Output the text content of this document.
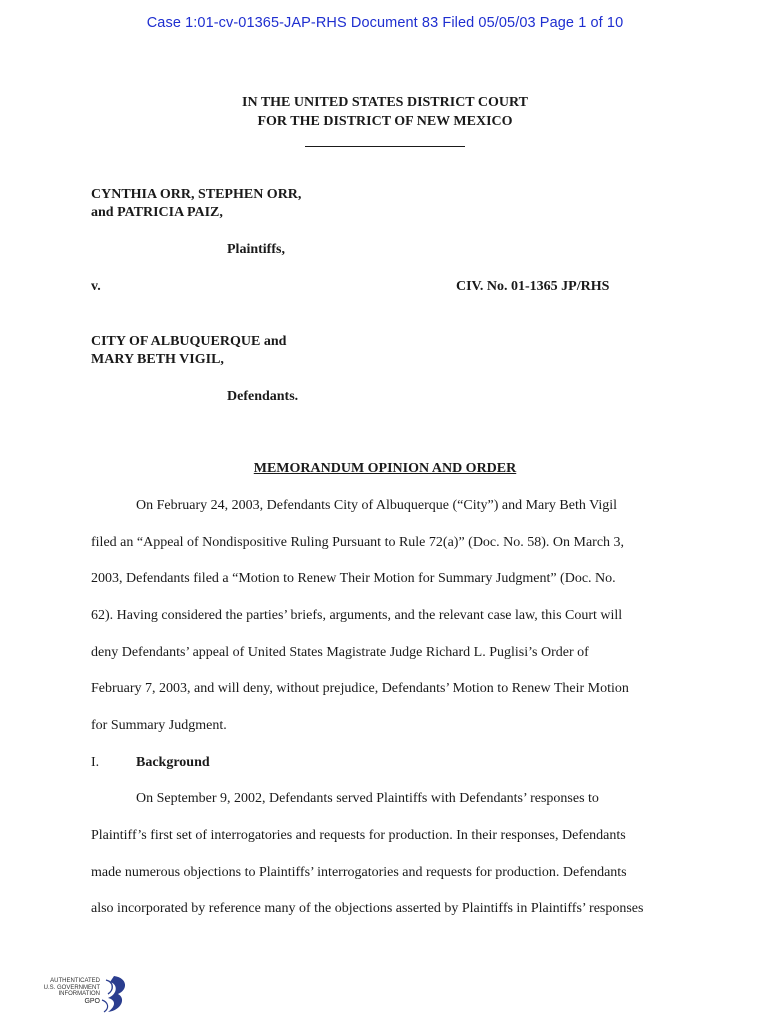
Case 1:01-cv-01365-JAP-RHS Document 83 Filed 05/05/03 Page 1 of 10
IN THE UNITED STATES DISTRICT COURT
FOR THE DISTRICT OF NEW MEXICO
CYNTHIA ORR, STEPHEN ORR,
and PATRICIA PAIZ,
Plaintiffs,
v.	CIV. No. 01-1365 JP/RHS
CITY OF ALBUQUERQUE and
MARY BETH VIGIL,
Defendants.
MEMORANDUM OPINION AND ORDER
On February 24, 2003, Defendants City of Albuquerque (“City”) and Mary Beth Vigil
filed an “Appeal of Nondispositive Ruling Pursuant to Rule 72(a)” (Doc. No. 58). On March 3,
2003, Defendants filed a “Motion to Renew Their Motion for Summary Judgment” (Doc. No.
62). Having considered the parties’ briefs, arguments, and the relevant case law, this Court will
deny Defendants’ appeal of United States Magistrate Judge Richard L. Puglisi’s Order of
February 7, 2003, and will deny, without prejudice, Defendants’ Motion to Renew Their Motion
for Summary Judgment.
I.	Background
On September 9, 2002, Defendants served Plaintiffs with Defendants’ responses to
Plaintiff’s first set of interrogatories and requests for production. In their responses, Defendants
made numerous objections to Plaintiffs’ interrogatories and requests for production. Defendants
also incorporated by reference many of the objections asserted by Plaintiffs in Plaintiffs’ responses
AUTHENTICATED
U.S. GOVERNMENT
INFORMATION
GPO
